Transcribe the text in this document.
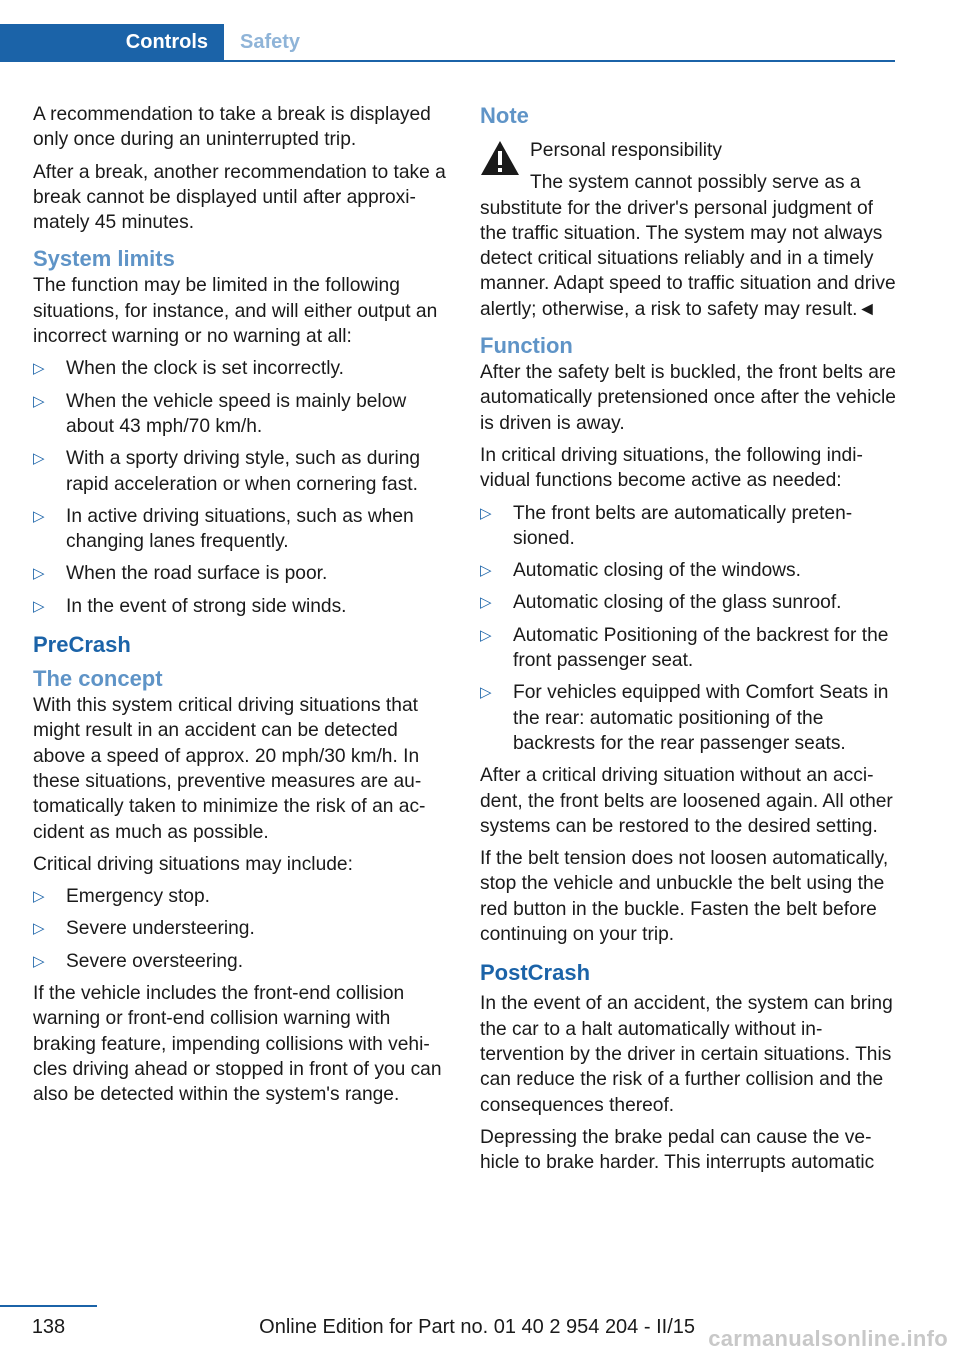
Controls	Safety

A recommendation to take a break is displayed only once during an uninterrupted trip.

After a break, another recommendation to take a break cannot be displayed until after approximately 45 minutes.

System limits

The function may be limited in the following situations, for instance, and will either output an incorrect warning or no warning at all:

▷ When the clock is set incorrectly.
▷ When the vehicle speed is mainly below about 43 mph/70 km/h.
▷ With a sporty driving style, such as during rapid acceleration or when cornering fast.
▷ In active driving situations, such as when changing lanes frequently.
▷ When the road surface is poor.
▷ In the event of strong side winds.
PreCrash
The concept

With this system critical driving situations that might result in an accident can be detected above a speed of approx. 20 mph/30 km/h. In these situations, preventive measures are automatically taken to minimize the risk of an accident as much as possible.

Critical driving situations may include:

▷ Emergency stop.
▷ Severe understeering.
▷ Severe oversteering.

If the vehicle includes the front-end collision warning or front-end collision warning with braking feature, impending collisions with vehicles driving ahead or stopped in front of you can also be detected within the system's range.

Note

Personal responsibility

The system cannot possibly serve as a substitute for the driver's personal judgment of the traffic situation. The system may not always detect critical situations reliably and in a timely manner. Adapt speed to traffic situation and drive alertly; otherwise, a risk to safety may result.◄

Function

After the safety belt is buckled, the front belts are automatically pretensioned once after the vehicle is driven is away.

In critical driving situations, the following individual functions become active as needed:

▷ The front belts are automatically pretensioned.
▷ Automatic closing of the windows.
▷ Automatic closing of the glass sunroof.
▷ Automatic Positioning of the backrest for the front passenger seat.
▷ For vehicles equipped with Comfort Seats in the rear: automatic positioning of the backrests for the rear passenger seats.

After a critical driving situation without an accident, the front belts are loosened again. All other systems can be restored to the desired setting.

If the belt tension does not loosen automatically, stop the vehicle and unbuckle the belt using the red button in the buckle. Fasten the belt before continuing on your trip.

PostCrash

In the event of an accident, the system can bring the car to a halt automatically without intervention by the driver in certain situations. This can reduce the risk of a further collision and the consequences thereof.

Depressing the brake pedal can cause the vehicle to brake harder. This interrupts automatic

138	Online Edition for Part no. 01 40 2 954 204 - II/15 carmanualsonline.info
